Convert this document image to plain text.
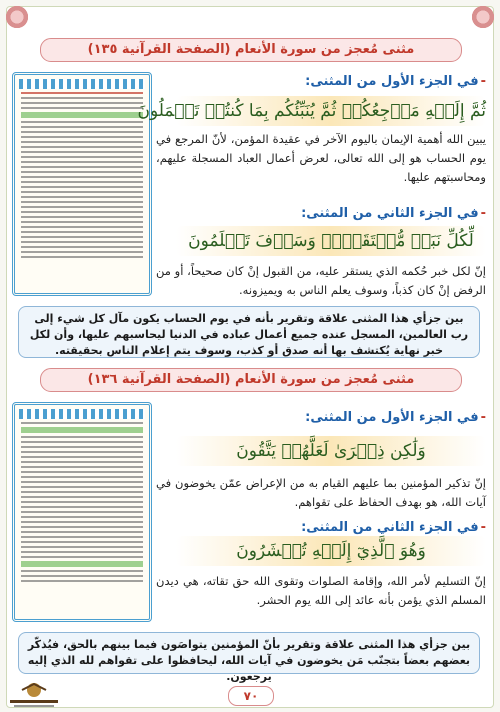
مثنى مُعجز من سورة الأنعام (الصفحة القرآنية ١٣٥)
-في الجزء الأول من المثنى:
ثُمَّ إِلَيۡهِ مَرۡجِعُكُمۡ ثُمَّ يُنَبِّئُكُم بِمَا كُنتُمۡ تَعۡمَلُونَ
يبين الله أهمية الإيمان باليوم الآخر في عقيدة المؤمن، لأنّ المرجع في يوم الحساب هو إلى الله تعالى، لعرض أعمال العباد المسجلة عليهم، ومحاسبتهم عليها.
-في الجزء الثاني من المثنى:
لِّكُلِّ نَبَإٖ مُّسۡتَقَرّٞۚ وَسَوۡفَ تَعۡلَمُونَ
إنّ لكل خبر حُكمه الذي يستقر عليه، من القبول إنْ كان صحيحاً، أو من الرفض إنْ كان كذباً، وسوف يعلم الناس به ويميزونه.
بين جزأي هذا المثنى علاقة وتقرير بأنه في يوم الحساب يكون مآل كل شيء إلى رب العالمين، المسجل عنده جميع أعمال عباده في الدنيا ليحاسبهم عليها، وأن لكل خبر نهاية يُكتشف بها أنه صدق أو كذب، وسوف يتم إعلام الناس بحقيقته.
مثنى مُعجز من سورة الأنعام (الصفحة القرآنية ١٣٦)
-في الجزء الأول من المثنى:
وَلَٰكِن ذِكۡرَىٰ لَعَلَّهُمۡ يَتَّقُونَ
إنّ تذكير المؤمنين بما عليهم القيام به من الإعراض عمّن يخوضون في آيات الله، هو بهدف الحفاظ على تقواهم.
-في الجزء الثاني من المثنى:
وَهُوَ ٱلَّذِيٓ إِلَيۡهِ تُحۡشَرُونَ
إنّ التسليم لأمر الله، وإقامة الصلوات وتقوى الله حق تقاته، هي ديدن المسلم الذي يؤمن بأنه عائد إلى الله يوم الحشر.
بين جزأي هذا المثنى علاقة وتقرير بأنّ المؤمنين يتواصَون فيما بينهم بالحق، فيُذكّر بعضهم بعضاً بتجنّب مَن يخوضون في آيات الله، ليحافظوا على تقواهم لله الذي إليه يرجعون.
٧٠
